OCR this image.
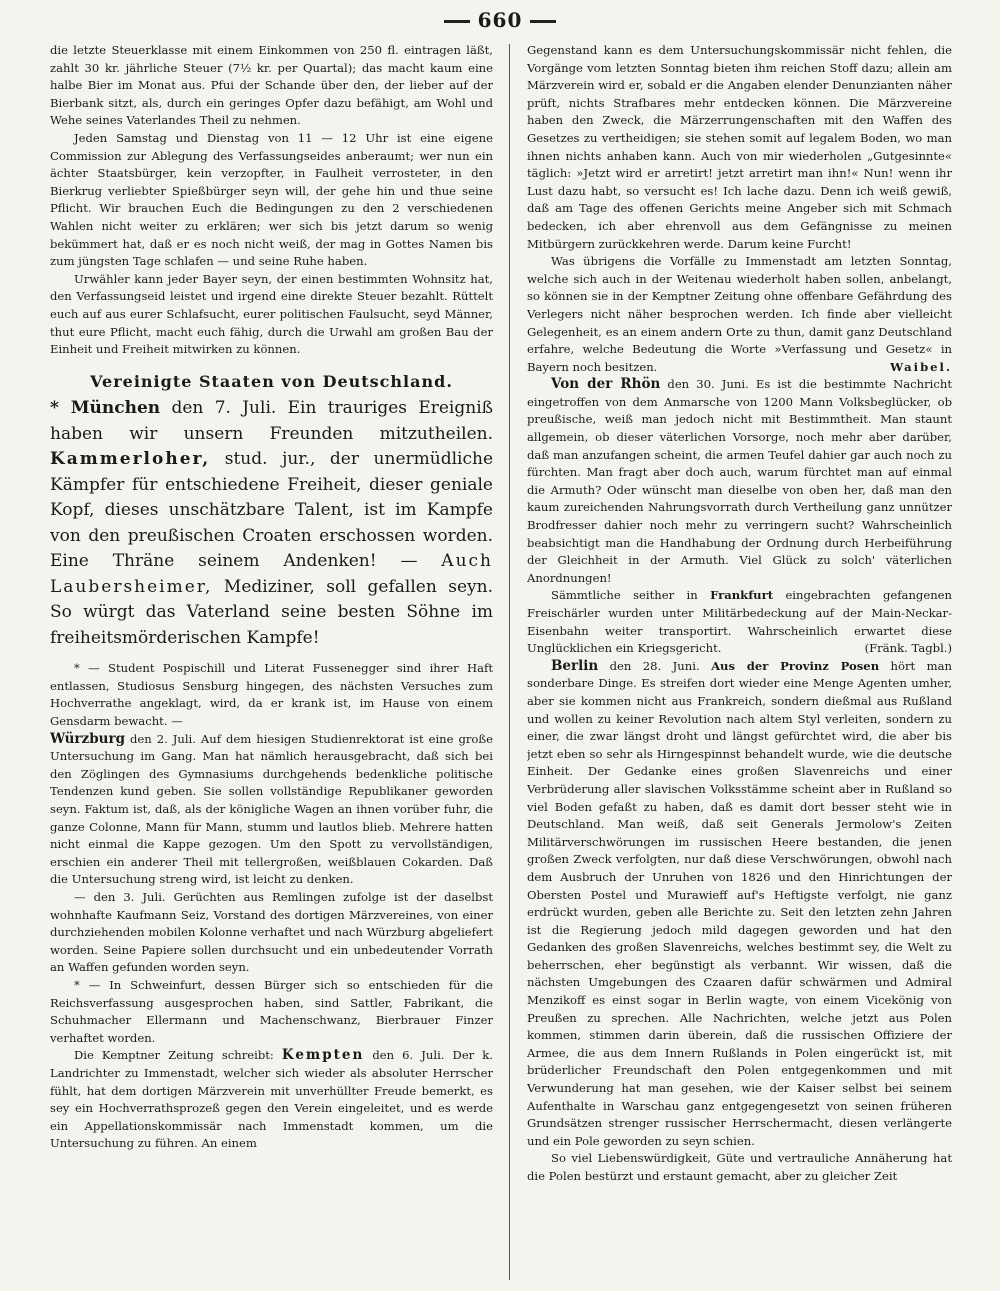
660

die letzte Steuerklasse mit einem Einkommen von 250 fl. eintragen läßt, zahlt 30 kr. jährliche Steuer (7½ kr. per Quartal); das macht kaum eine halbe Bier im Monat aus. Pfui der Schande über den, der lieber auf der Bierbank sitzt, als, durch ein geringes Opfer dazu befähigt, am Wohl und Wehe seines Vaterlandes Theil zu nehmen.

Jeden Samstag und Dienstag von 11 — 12 Uhr ist eine eigene Commission zur Ablegung des Verfassungseides anberaumt; wer nun ein ächter Staatsbürger, kein verzopfter, in Faulheit verrosteter, in den Bierkrug verliebter Spießbürger seyn will, der gehe hin und thue seine Pflicht. Wir brauchen Euch die Bedingungen zu den 2 verschiedenen Wahlen nicht weiter zu erklären; wer sich bis jetzt darum so wenig bekümmert hat, daß er es noch nicht weiß, der mag in Gottes Namen bis zum jüngsten Tage schlafen — und seine Ruhe haben.

Urwähler kann jeder Bayer seyn, der einen bestimmten Wohnsitz hat, den Verfassungseid leistet und irgend eine direkte Steuer bezahlt. Rüttelt euch auf aus eurer Schlafsucht, eurer politischen Faulsucht, seyd Männer, thut eure Pflicht, macht euch fähig, durch die Urwahl am großen Bau der Einheit und Freiheit mitwirken zu können.

Vereinigte Staaten von Deutschland.

* München den 7. Juli. Ein trauriges Ereigniß haben wir unsern Freunden mitzutheilen. Kammerloher, stud. jur., der unermüdliche Kämpfer für entschiedene Freiheit, dieser geniale Kopf, dieses unschätzbare Talent, ist im Kampfe von den preußischen Croaten erschossen worden. Eine Thräne seinem Andenken! — Auch Laubersheimer, Mediziner, soll gefallen seyn. So würgt das Vaterland seine besten Söhne im freiheitsmörderischen Kampfe!

* — Student Pospischill und Literat Fussenegger sind ihrer Haft entlassen, Studiosus Sensburg hingegen, des nächsten Versuches zum Hochverrathe angeklagt, wird, da er krank ist, im Hause von einem Gensdarm bewacht. —

Würzburg den 2. Juli. Auf dem hiesigen Studienrektorat ist eine große Untersuchung im Gang. Man hat nämlich herausgebracht, daß sich bei den Zöglingen des Gymnasiums durchgehends bedenkliche politische Tendenzen kund geben. Sie sollen vollständige Republikaner geworden seyn. Faktum ist, daß, als der königliche Wagen an ihnen vorüber fuhr, die ganze Colonne, Mann für Mann, stumm und lautlos blieb. Mehrere hatten nicht einmal die Kappe gezogen. Um den Spott zu vervollständigen, erschien ein anderer Theil mit tellergroßen, weißblauen Cokarden. Daß die Untersuchung streng wird, ist leicht zu denken.

— den 3. Juli. Gerüchten aus Remlingen zufolge ist der daselbst wohnhafte Kaufmann Seiz, Vorstand des dortigen Märzvereines, von einer durchziehenden mobilen Kolonne verhaftet und nach Würzburg abgeliefert worden. Seine Papiere sollen durchsucht und ein unbedeutender Vorrath an Waffen gefunden worden seyn.

* — In Schweinfurt, dessen Bürger sich so entschieden für die Reichsverfassung ausgesprochen haben, sind Sattler, Fabrikant, die Schuhmacher Ellermann und Machenschwanz, Bierbrauer Finzer verhaftet worden.

Die Kemptner Zeitung schreibt: Kempten den 6. Juli. Der k. Landrichter zu Immenstadt, welcher sich wieder als absoluter Herrscher fühlt, hat dem dortigen Märzverein mit unverhüllter Freude bemerkt, es sey ein Hochverrathsprozeß gegen den Verein eingeleitet, und es werde ein Appellationskommissär nach Immenstadt kommen, um die Untersuchung zu führen. An einem

Gegenstand kann es dem Untersuchungskommissär nicht fehlen, die Vorgänge vom letzten Sonntag bieten ihm reichen Stoff dazu; allein am Märzverein wird er, sobald er die Angaben elender Denunzianten näher prüft, nichts Strafbares mehr entdecken können. Die Märzvereine haben den Zweck, die Märzerrungenschaften mit den Waffen des Gesetzes zu vertheidigen; sie stehen somit auf legalem Boden, wo man ihnen nichts anhaben kann. Auch von mir wiederholen „Gutgesinnte« täglich: »Jetzt wird er arretirt! jetzt arretirt man ihn!« Nun! wenn ihr Lust dazu habt, so versucht es! Ich lache dazu. Denn ich weiß gewiß, daß am Tage des offenen Gerichts meine Angeber sich mit Schmach bedecken, ich aber ehrenvoll aus dem Gefängnisse zu meinen Mitbürgern zurückkehren werde. Darum keine Furcht!

Was übrigens die Vorfälle zu Immenstadt am letzten Sonntag, welche sich auch in der Weitenau wiederholt haben sollen, anbelangt, so können sie in der Kemptner Zeitung ohne offenbare Gefährdung des Verlegers nicht näher besprochen werden. Ich finde aber vielleicht Gelegenheit, es an einem andern Orte zu thun, damit ganz Deutschland erfahre, welche Bedeutung die Worte »Verfassung und Gesetz« in Bayern noch besitzen.	Waibel.

Von der Rhön den 30. Juni. Es ist die bestimmte Nachricht eingetroffen von dem Anmarsche von 1200 Mann Volksbeglücker, ob preußische, weiß man jedoch nicht mit Bestimmtheit. Man staunt allgemein, ob dieser väterlichen Vorsorge, noch mehr aber darüber, daß man anzufangen scheint, die armen Teufel dahier gar auch noch zu fürchten. Man fragt aber doch auch, warum fürchtet man auf einmal die Armuth? Oder wünscht man dieselbe von oben her, daß man den kaum zureichenden Nahrungsvorrath durch Vertheilung ganz unnützer Brodfresser dahier noch mehr zu verringern sucht? Wahrscheinlich beabsichtigt man die Handhabung der Ordnung durch Herbeiführung der Gleichheit in der Armuth. Viel Glück zu solch' väterlichen Anordnungen!

Sämmtliche seither in Frankfurt eingebrachten gefangenen Freischärler wurden unter Militärbedeckung auf der Main-Neckar-Eisenbahn weiter transportirt. Wahrscheinlich erwartet diese Unglücklichen ein Kriegsgericht.	(Fränk. Tagbl.)

Berlin den 28. Juni. Aus der Provinz Posen hört man sonderbare Dinge. Es streifen dort wieder eine Menge Agenten umher, aber sie kommen nicht aus Frankreich, sondern dießmal aus Rußland und wollen zu keiner Revolution nach altem Styl verleiten, sondern zu einer, die zwar längst droht und längst gefürchtet wird, die aber bis jetzt eben so sehr als Hirngespinnst behandelt wurde, wie die deutsche Einheit. Der Gedanke eines großen Slavenreichs und einer Verbrüderung aller slavischen Volksstämme scheint aber in Rußland so viel Boden gefaßt zu haben, daß es damit dort besser steht wie in Deutschland. Man weiß, daß seit Generals Jermolow's Zeiten Militärverschwörungen im russischen Heere bestanden, die jenen großen Zweck verfolgten, nur daß diese Verschwörungen, obwohl nach dem Ausbruch der Unruhen von 1826 und den Hinrichtungen der Obersten Postel und Murawieff auf's Heftigste verfolgt, nie ganz erdrückt wurden, geben alle Berichte zu. Seit den letzten zehn Jahren ist die Regierung jedoch mild dagegen geworden und hat den Gedanken des großen Slavenreichs, welches bestimmt sey, die Welt zu beherrschen, eher begünstigt als verbannt. Wir wissen, daß die nächsten Umgebungen des Czaaren dafür schwärmen und Admiral Menzikoff es einst sogar in Berlin wagte, von einem Vicekönig von Preußen zu sprechen. Alle Nachrichten, welche jetzt aus Polen kommen, stimmen darin überein, daß die russischen Offiziere der Armee, die aus dem Innern Rußlands in Polen eingerückt ist, mit brüderlicher Freundschaft den Polen entgegenkommen und mit Verwunderung hat man gesehen, wie der Kaiser selbst bei seinem Aufenthalte in Warschau ganz entgegengesetzt von seinen früheren Grundsätzen strenger russischer Herrschermacht, diesen verlängerte und ein Pole geworden zu seyn schien.

So viel Liebenswürdigkeit, Güte und vertrauliche Annäherung hat die Polen bestürzt und erstaunt gemacht, aber zu gleicher Zeit
